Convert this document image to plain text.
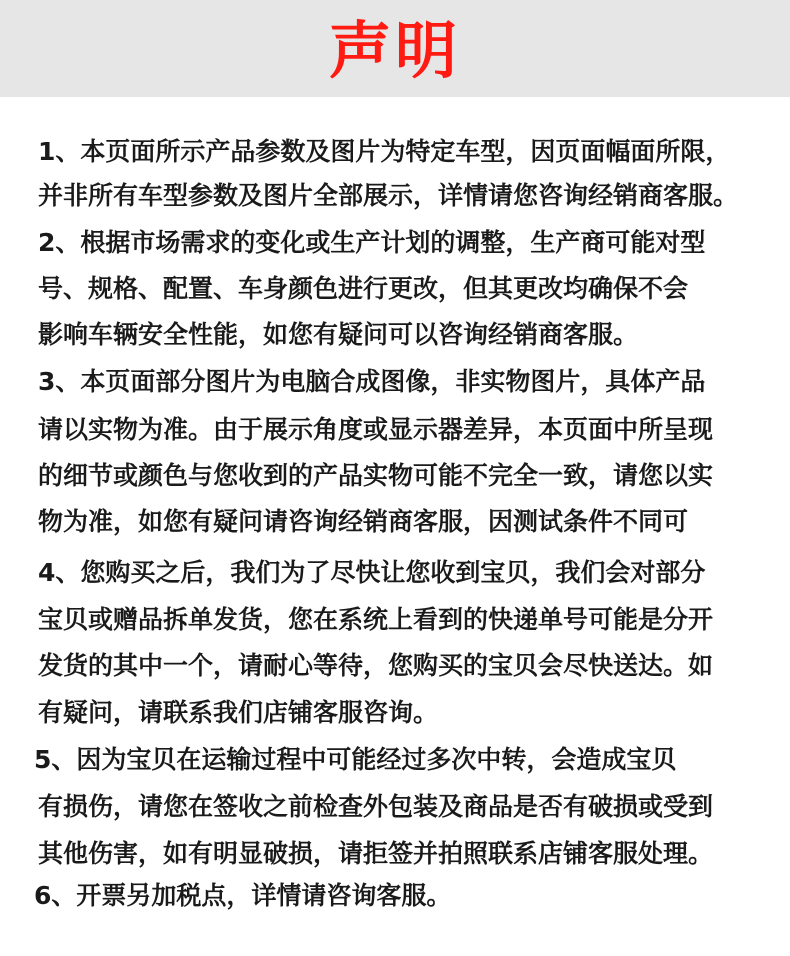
声明
1、本页面所示产品参数及图片为特定车型，因页面幅面所限，
并非所有车型参数及图片全部展示，详情请您咨询经销商客服。
2、根据市场需求的变化或生产计划的调整，生产商可能对型
号、规格、配置、车身颜色进行更改，但其更改均确保不会
影响车辆安全性能，如您有疑问可以咨询经销商客服。
3、本页面部分图片为电脑合成图像，非实物图片，具体产品
请以实物为准。由于展示角度或显示器差异，本页面中所呈现
的细节或颜色与您收到的产品实物可能不完全一致，请您以实
物为准，如您有疑问请咨询经销商客服，因测试条件不同可
4、您购买之后，我们为了尽快让您收到宝贝，我们会对部分
宝贝或赠品拆单发货，您在系统上看到的快递单号可能是分开
发货的其中一个，请耐心等待，您购买的宝贝会尽快送达。如
有疑问，请联系我们店铺客服咨询。
5、因为宝贝在运输过程中可能经过多次中转，会造成宝贝
有损伤，请您在签收之前检查外包装及商品是否有破损或受到
其他伤害，如有明显破损，请拒签并拍照联系店铺客服处理。
6、开票另加税点，详情请咨询客服。
